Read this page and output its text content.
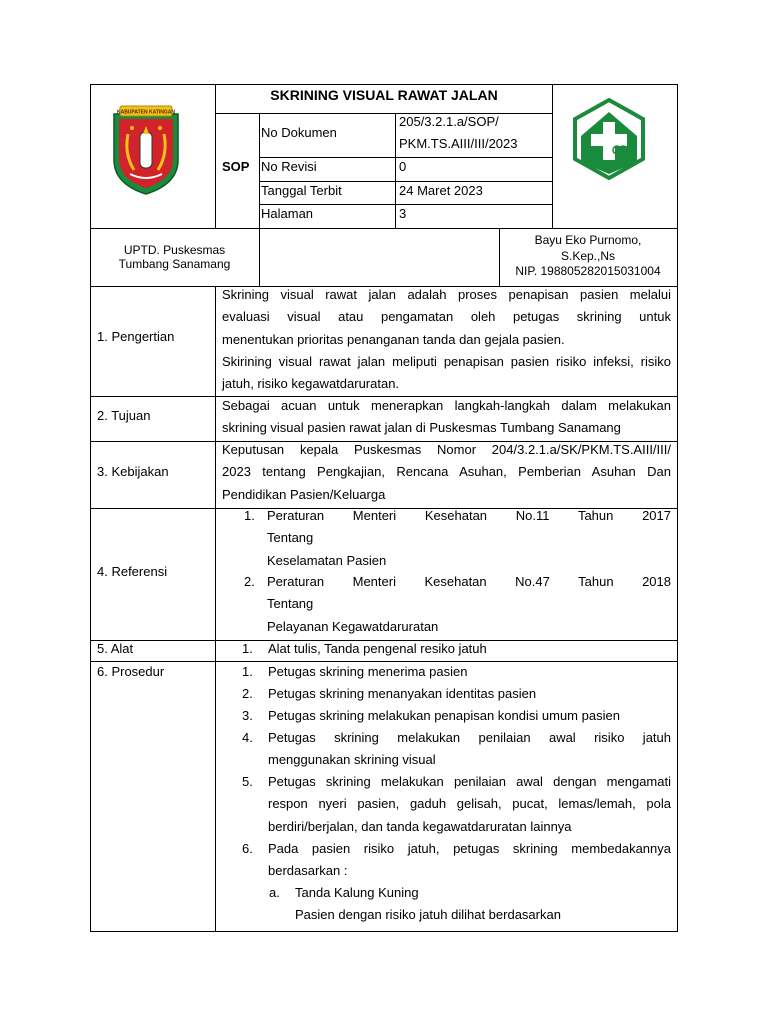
KABUPATEN KATINGAN
SKRINING VISUAL RAWAT JALAN
SOP
No Dokumen
205/3.2.1.a/SOP/
PKM.TS.AIII/III/2023
No Revisi	0
Tanggal Terbit	24 Maret 2023
Halaman	3
UPTD. Puskesmas
Tumbang Sanamang
Bayu Eko Purnomo,
S.Kep.,Ns
NIP. 198805282015031004
1. Pengertian
Skrining visual rawat jalan adalah proses penapisan pasien melalui
evaluasi visual atau pengamatan oleh petugas skrining untuk
menentukan prioritas penanganan tanda dan gejala pasien.
Skirining visual rawat jalan meliputi penapisan pasien risiko infeksi, risiko
jatuh, risiko kegawatdaruratan.
2. Tujuan
Sebagai acuan untuk menerapkan langkah-langkah dalam melakukan
skrining visual pasien rawat jalan di Puskesmas Tumbang Sanamang
3. Kebijakan
Keputusan kepala Puskesmas Nomor 204/3.2.1.a/SK/PKM.TS.AIII/III/
2023 tentang Pengkajian, Rencana Asuhan, Pemberian Asuhan Dan
Pendidikan Pasien/Keluarga
4. Referensi
1. Peraturan Menteri Kesehatan No.11 Tahun 2017
Tentang
Keselamatan Pasien
2. Peraturan Menteri Kesehatan No.47 Tahun 2018
Tentang
Pelayanan Kegawatdaruratan
5. Alat	1. Alat tulis, Tanda pengenal resiko jatuh
6. Prosedur	1. Petugas skrining menerima pasien
2. Petugas skrining menanyakan identitas pasien
3. Petugas skrining melakukan penapisan kondisi umum pasien
4. Petugas skrining melakukan penilaian awal risiko jatuh
menggunakan skrining visual
5. Petugas skrining melakukan penilaian awal dengan mengamati
respon nyeri pasien, gaduh gelisah, pucat, lemas/lemah, pola
berdiri/berjalan, dan tanda kegawatdaruratan lainnya
6. Pada pasien risiko jatuh, petugas skrining membedakannya
berdasarkan :
a. Tanda Kalung Kuning
Pasien dengan risiko jatuh dilihat berdasarkan
